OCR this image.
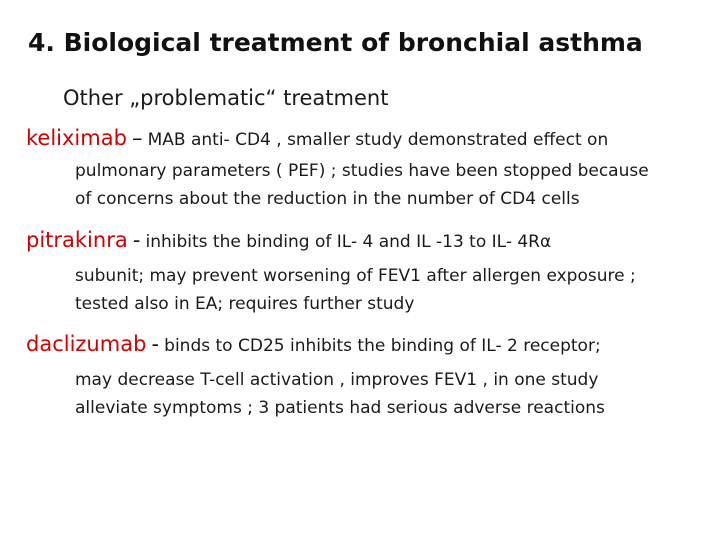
4. Biological treatment of bronchial asthma
Other „problematic“ treatment
keliximab – MAB anti- CD4 , smaller study demonstrated effect on
pulmonary parameters ( PEF) ; studies have been stopped because
of concerns about the reduction in the number of CD4 cells
pitrakinra - inhibits the binding of IL- 4 and IL -13 to IL- 4Rα
subunit; may prevent worsening of FEV1 after allergen exposure ;
tested also in EA; requires further study
daclizumab - binds to CD25 inhibits the binding of IL- 2 receptor;
may decrease T-cell activation , improves FEV1 , in one study
alleviate symptoms ; 3 patients had serious adverse reactions
